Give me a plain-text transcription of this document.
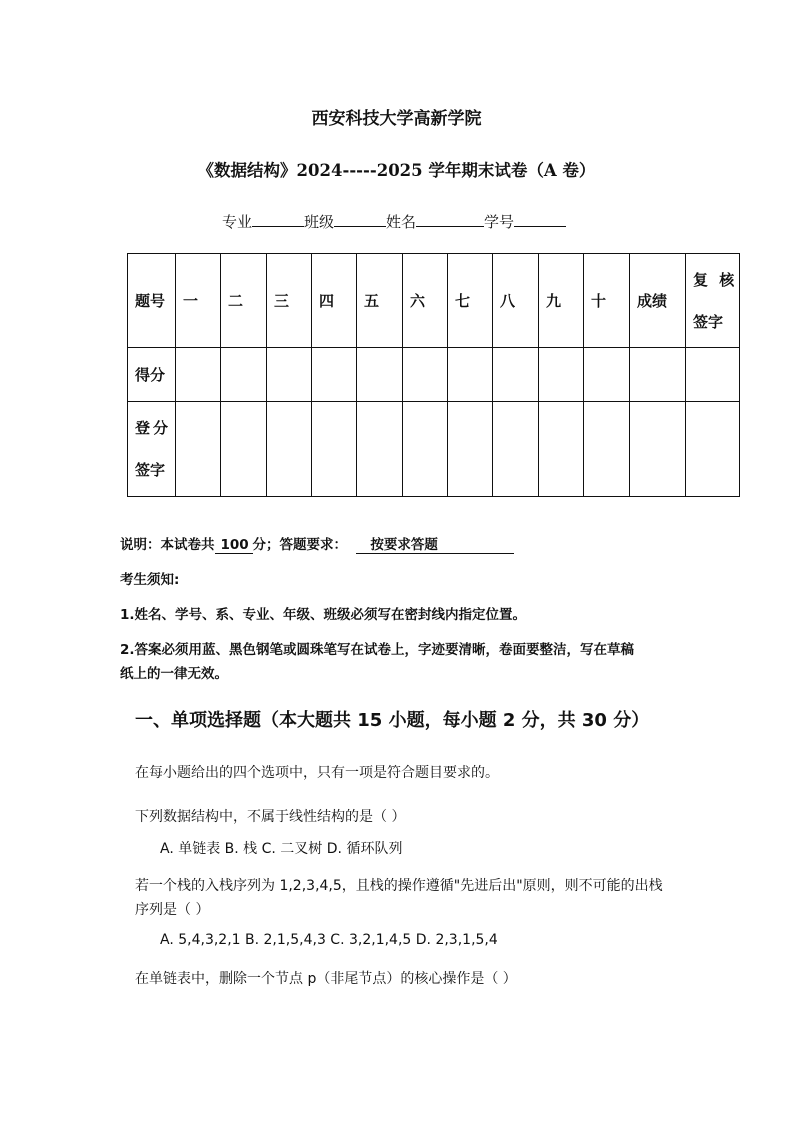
西安科技大学高新学院
《数据结构》2024-----2025 学年期末试卷（A 卷）
专业	班级	姓名	学号
题号	一	二	三	四	五	六	七	八	九	十	成绩	复 核
签字

得分												

登分
签字												

说明：本试卷共 100 分；答题要求： 按要求答题
考生须知:
1.姓名、学号、系、专业、年级、班级必须写在密封线内指定位置。
2.答案必须用蓝、黑色钢笔或圆珠笔写在试卷上，字迹要清晰，卷面要整洁，写在草稿
纸上的一律无效。
一、单项选择题（本大题共 15 小题，每小题 2 分，共 30 分）
在每小题给出的四个选项中，只有一项是符合题目要求的。
下列数据结构中，不属于线性结构的是（ ）
A. 单链表 B. 栈 C. 二叉树 D. 循环队列
若一个栈的入栈序列为 1,2,3,4,5，且栈的操作遵循"先进后出"原则，则不可能的出栈
序列是（ ）
A. 5,4,3,2,1 B. 2,1,5,4,3 C. 3,2,1,4,5 D. 2,3,1,5,4
在单链表中，删除一个节点 p（非尾节点）的核心操作是（ ）
